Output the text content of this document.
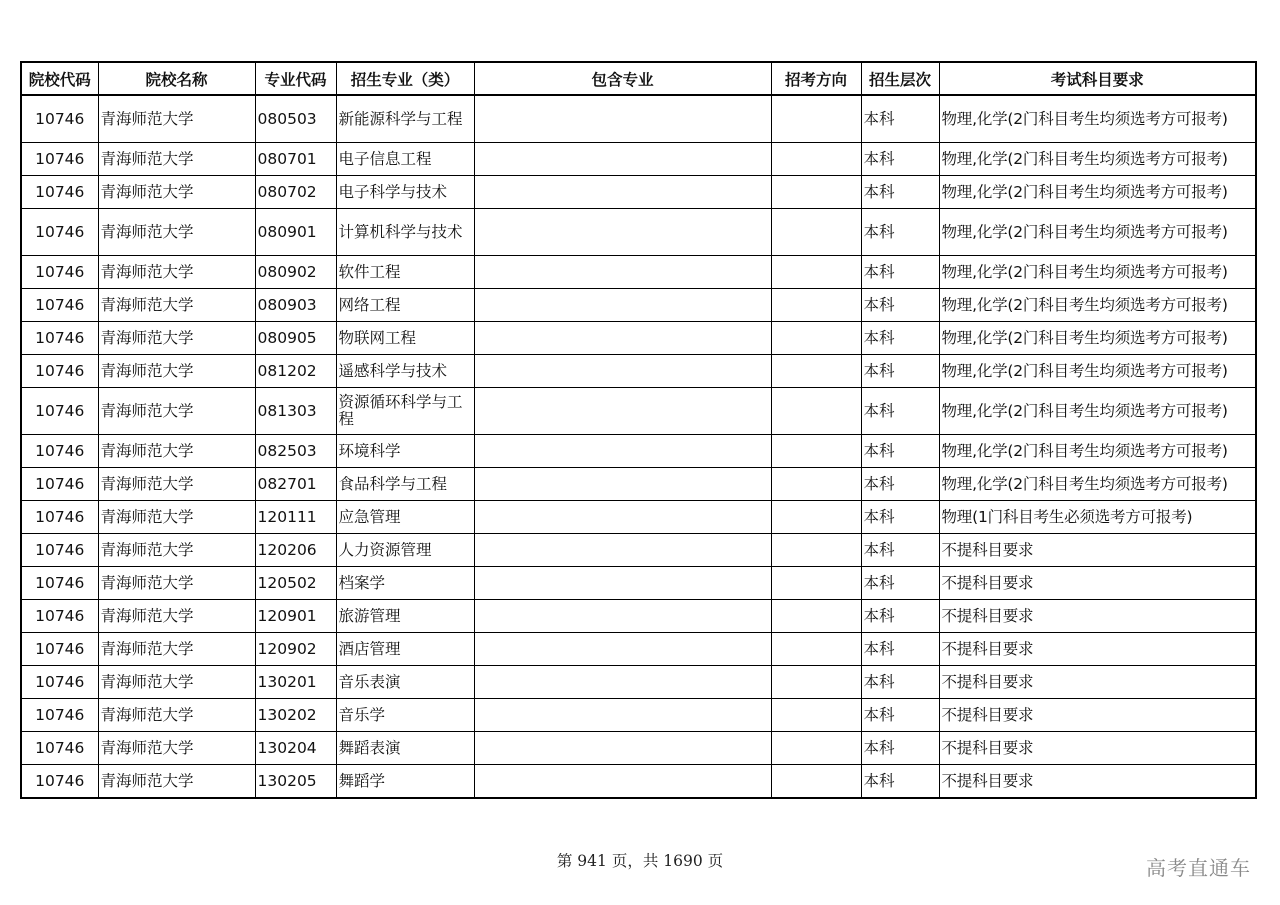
院校代码	院校名称	专业代码	招生专业（类）	包含专业	招考方向	招生层次	考试科目要求
10746	青海师范大学	080503	新能源科学与工程			本科	物理,化学(2门科目考生均须选考方可报考)
10746	青海师范大学	080701	电子信息工程			本科	物理,化学(2门科目考生均须选考方可报考)
10746	青海师范大学	080702	电子科学与技术			本科	物理,化学(2门科目考生均须选考方可报考)
10746	青海师范大学	080901	计算机科学与技术			本科	物理,化学(2门科目考生均须选考方可报考)
10746	青海师范大学	080902	软件工程			本科	物理,化学(2门科目考生均须选考方可报考)
10746	青海师范大学	080903	网络工程			本科	物理,化学(2门科目考生均须选考方可报考)
10746	青海师范大学	080905	物联网工程			本科	物理,化学(2门科目考生均须选考方可报考)
10746	青海师范大学	081202	遥感科学与技术			本科	物理,化学(2门科目考生均须选考方可报考)
10746	青海师范大学	081303	资源循环科学与工程			本科	物理,化学(2门科目考生均须选考方可报考)
10746	青海师范大学	082503	环境科学			本科	物理,化学(2门科目考生均须选考方可报考)
10746	青海师范大学	082701	食品科学与工程			本科	物理,化学(2门科目考生均须选考方可报考)
10746	青海师范大学	120111	应急管理			本科	物理(1门科目考生必须选考方可报考)
10746	青海师范大学	120206	人力资源管理			本科	不提科目要求
10746	青海师范大学	120502	档案学			本科	不提科目要求
10746	青海师范大学	120901	旅游管理			本科	不提科目要求
10746	青海师范大学	120902	酒店管理			本科	不提科目要求
10746	青海师范大学	130201	音乐表演			本科	不提科目要求
10746	青海师范大学	130202	音乐学			本科	不提科目要求
10746	青海师范大学	130204	舞蹈表演			本科	不提科目要求
10746	青海师范大学	130205	舞蹈学			本科	不提科目要求
第 941 页，共 1690 页	高考直通车
